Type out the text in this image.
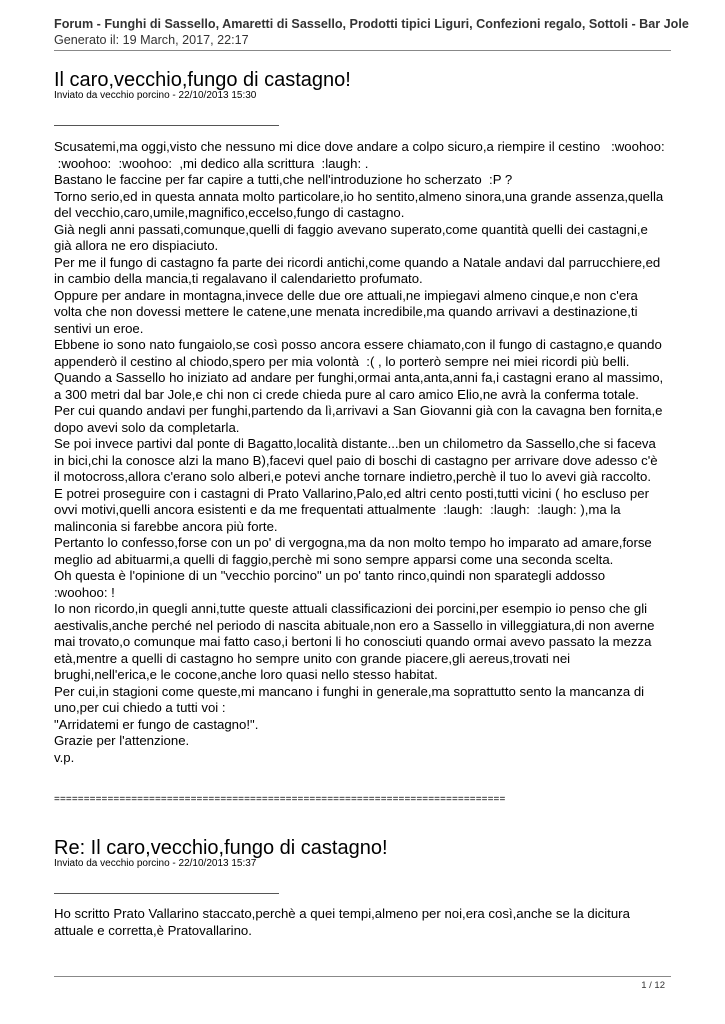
Forum - Funghi di Sassello, Amaretti di Sassello, Prodotti tipici Liguri, Confezioni regalo, Sottoli - Bar Jole
Generato il: 19 March, 2017, 22:17
Il caro,vecchio,fungo di castagno!
Inviato da vecchio porcino - 22/10/2013 15:30

Scusatemi,ma oggi,visto che nessuno mi dice dove andare a colpo sicuro,a riempire il cestino   :woohoo:

:woohoo:  :woohoo:  ,mi dedico alla scrittura  :laugh: .

Bastano le faccine per far capire a tutti,che nell'introduzione ho scherzato  :P ?

Torno serio,ed in questa annata molto particolare,io ho sentito,almeno sinora,una grande assenza,quella

del vecchio,caro,umile,magnifico,eccelso,fungo di castagno.

Già negli anni passati,comunque,quelli di faggio avevano superato,come quantità quelli dei castagni,e

già allora ne ero dispiaciuto.

Per me il fungo di castagno fa parte dei ricordi antichi,come quando a Natale andavi dal parrucchiere,ed

in cambio della mancia,ti regalavano il calendarietto profumato.

Oppure per andare in montagna,invece delle due ore attuali,ne impiegavi almeno cinque,e non c'era

volta che non dovessi mettere le catene,une menata incredibile,ma quando arrivavi a destinazione,ti

sentivi un eroe.

Ebbene io sono nato fungaiolo,se così posso ancora essere chiamato,con il fungo di castagno,e quando

appenderò il cestino al chiodo,spero per mia volontà  :( , lo porterò sempre nei miei ricordi più belli.

Quando a Sassello ho iniziato ad andare per funghi,ormai anta,anta,anni fa,i castagni erano al massimo,

a 300 metri dal bar Jole,e chi non ci crede chieda pure al caro amico Elio,ne avrà la conferma totale.

Per cui quando andavi per funghi,partendo da lì,arrivavi a San Giovanni già con la cavagna ben fornita,e

dopo avevi solo da completarla.

Se poi invece partivi dal ponte di Bagatto,località distante...ben un chilometro da Sassello,che si faceva

in bici,chi la conosce alzi la mano B),facevi quel paio di boschi di castagno per arrivare dove adesso c'è

il motocross,allora c'erano solo alberi,e potevi anche tornare indietro,perchè il tuo lo avevi già raccolto.

E potrei proseguire con i castagni di Prato Vallarino,Palo,ed altri cento posti,tutti vicini ( ho escluso per

ovvi motivi,quelli ancora esistenti e da me frequentati attualmente  :laugh:  :laugh:  :laugh: ),ma la

malinconia si farebbe ancora più forte.

Pertanto lo confesso,forse con un po' di vergogna,ma da non molto tempo ho imparato ad amare,forse

meglio ad abituarmi,a quelli di faggio,perchè mi sono sempre apparsi come una seconda scelta.

Oh questa è l'opinione di un "vecchio porcino" un po' tanto rinco,quindi non sparategli addosso

:woohoo: !

Io non ricordo,in quegli anni,tutte queste attuali classificazioni dei porcini,per esempio io penso che gli

aestivalis,anche perché nel periodo di nascita abituale,non ero a Sassello in villeggiatura,di non averne

mai trovato,o comunque mai fatto caso,i bertoni li ho conosciuti quando ormai avevo passato la mezza

età,mentre a quelli di castagno ho sempre unito con grande piacere,gli aereus,trovati nei

brughi,nell'erica,e le cocone,anche loro quasi nello stesso habitat.

Per cui,in stagioni come queste,mi mancano i funghi in generale,ma soprattutto sento la mancanza di

uno,per cui chiedo a tutti voi :

"Arridatemi er fungo de castagno!".

Grazie per l'attenzione.

v.p.

============================================================================
Re: Il caro,vecchio,fungo di castagno!
Inviato da vecchio porcino - 22/10/2013 15:37

Ho scritto Prato Vallarino staccato,perchè a quei tempi,almeno per noi,era così,anche se la dicitura

attuale e corretta,è Pratovallarino.

1 / 12
